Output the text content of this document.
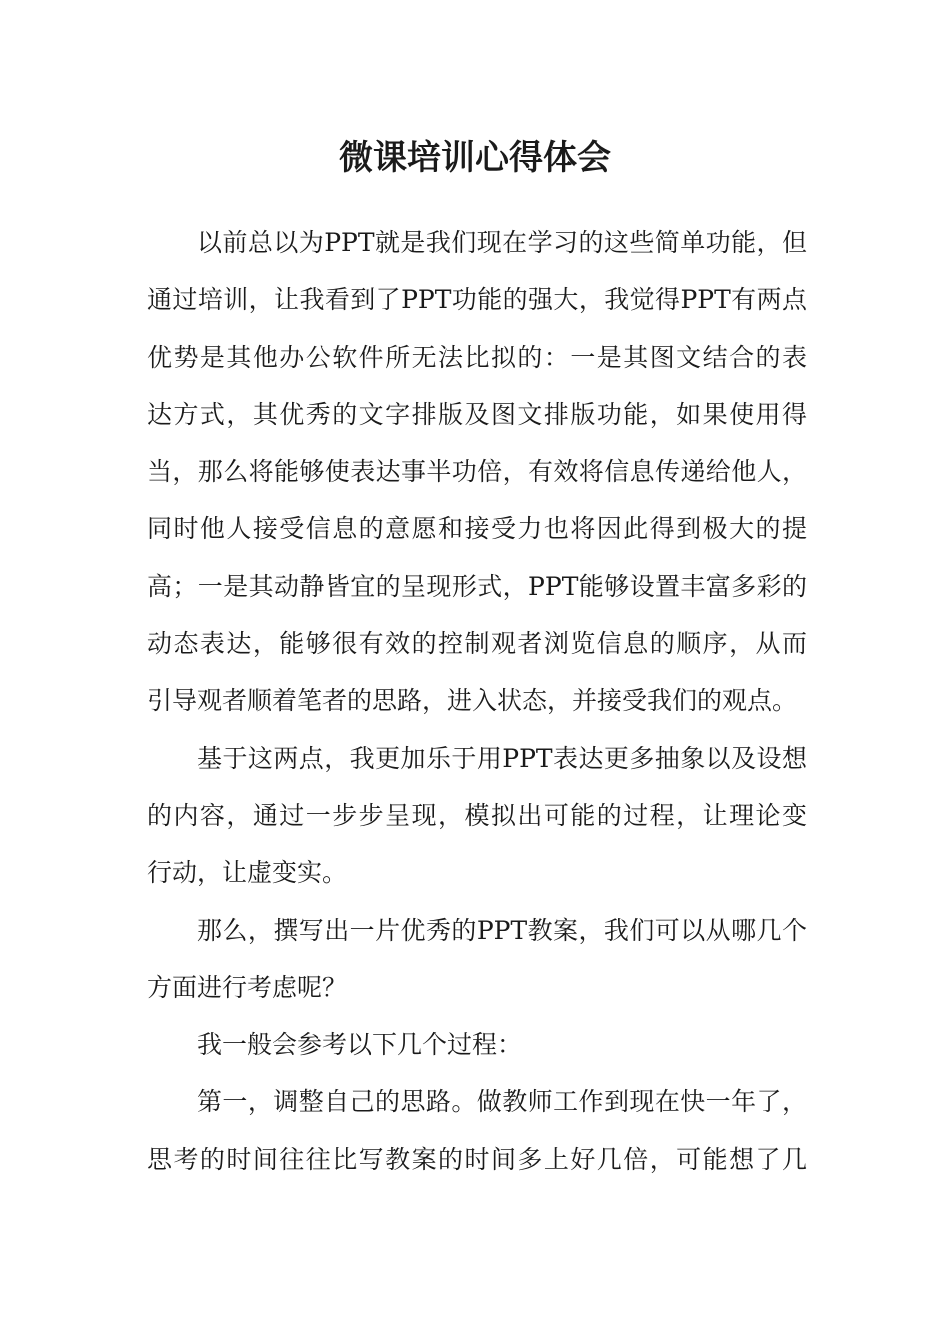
微课培训心得体会
以前总以为PPT就是我们现在学习的这些简单功能，但
通过培训，让我看到了PPT功能的强大，我觉得PPT有两点
优势是其他办公软件所无法比拟的：一是其图文结合的表
达方式，其优秀的文字排版及图文排版功能，如果使用得
当，那么将能够使表达事半功倍，有效将信息传递给他人，
同时他人接受信息的意愿和接受力也将因此得到极大的提
高；一是其动静皆宜的呈现形式，PPT能够设置丰富多彩的
动态表达，能够很有效的控制观者浏览信息的顺序，从而
引导观者顺着笔者的思路，进入状态，并接受我们的观点。
基于这两点，我更加乐于用PPT表达更多抽象以及设想
的内容，通过一步步呈现，模拟出可能的过程，让理论变
行动，让虚变实。
那么，撰写出一片优秀的PPT教案，我们可以从哪几个
方面进行考虑呢？
我一般会参考以下几个过程：
第一，调整自己的思路。做教师工作到现在快一年了，
思考的时间往往比写教案的时间多上好几倍，可能想了几
